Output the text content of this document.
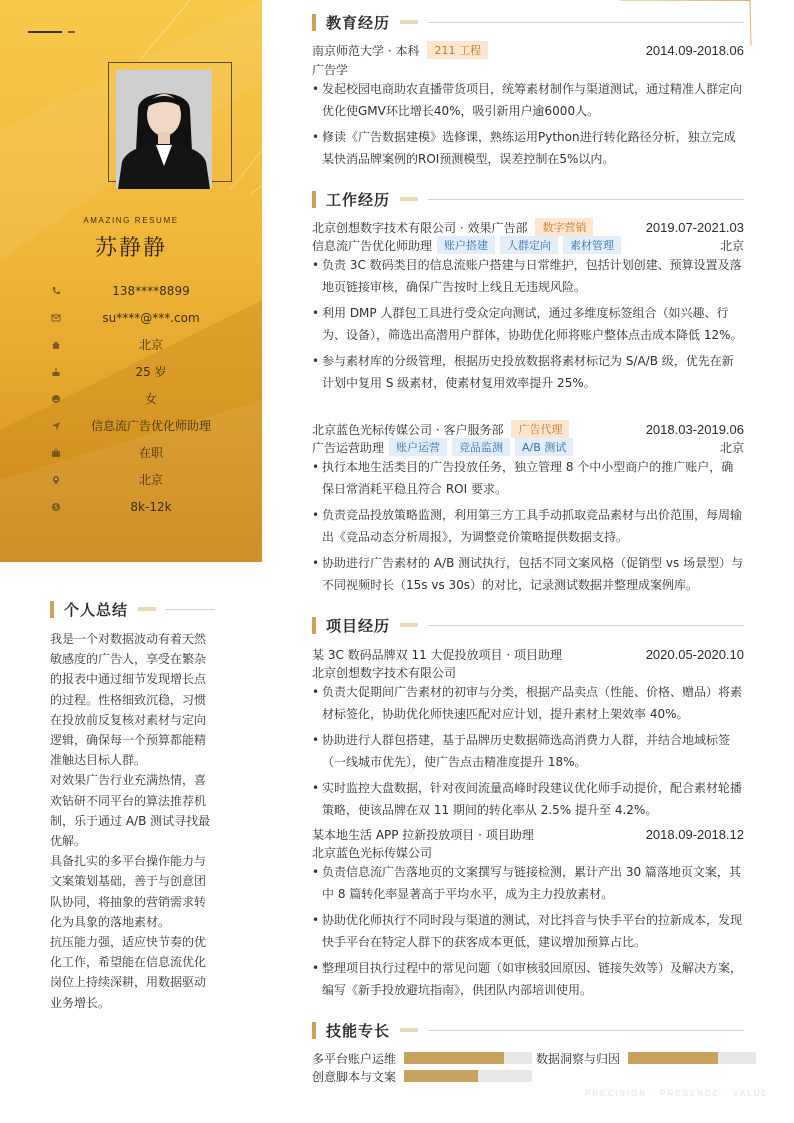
AMAZING RESUME
苏静静
138****8899
su****@***.com
北京
25 岁
女
信息流广告优化师助理
在职
北京
$	8k-12k
个人总结

我是一个对数据波动有着天然敏感度的广告人，享受在繁杂的报表中通过细节发现增长点的过程。性格细致沉稳，习惯在投放前反复核对素材与定向逻辑，确保每一个预算都能精准触达目标人群。

对效果广告行业充满热情，喜欢钻研不同平台的算法推荐机制，乐于通过 A/B 测试寻找最优解。

具备扎实的多平台操作能力与文案策划基础，善于与创意团队协同，将抽象的营销需求转化为具象的落地素材。

抗压能力强，适应快节奏的优化工作，希望能在信息流优化岗位上持续深耕，用数据驱动业务增长。

教育经历
南京师范大学 · 本科	211 工程	2014.09-2018.06
广告学
• 发起校园电商助农直播带货项目，统筹素材制作与渠道测试，通过精准人群定向优化使GMV环比增长40%，吸引新用户逾6000人。
• 修读《广告数据建模》选修课，熟练运用Python进行转化路径分析，独立完成某快消品牌案例的ROI预测模型，误差控制在5%以内。
工作经历
北京创想数字技术有限公司 · 效果广告部	数字营销	2019.07-2021.03
信息流广告优化师助理	账户搭建	人群定向	素材管理	北京
• 负责 3C 数码类目的信息流账户搭建与日常维护，包括计划创建、预算设置及落地页链接审核，确保广告按时上线且无违规风险。
• 利用 DMP 人群包工具进行受众定向测试，通过多维度标签组合（如兴趣、行为、设备），筛选出高潜用户群体，协助优化师将账户整体点击成本降低 12%。
• 参与素材库的分级管理，根据历史投放数据将素材标记为 S/A/B 级，优先在新计划中复用 S 级素材，使素材复用效率提升 25%。
北京蓝色光标传媒公司 · 客户服务部	广告代理	2018.03-2019.06
广告运营助理	账户运营	竞品监测	A/B 测试	北京
• 执行本地生活类目的广告投放任务，独立管理 8 个中小型商户的推广账户，确保日常消耗平稳且符合 ROI 要求。
• 负责竞品投放策略监测，利用第三方工具手动抓取竞品素材与出价范围，每周输出《竞品动态分析周报》，为调整竞价策略提供数据支持。
• 协助进行广告素材的 A/B 测试执行，包括不同文案风格（促销型 vs 场景型）与不同视频时长（15s vs 30s）的对比，记录测试数据并整理成案例库。
项目经历
某 3C 数码品牌双 11 大促投放项目 · 项目助理	2020.05-2020.10
北京创想数字技术有限公司
• 负责大促期间广告素材的初审与分类，根据产品卖点（性能、价格、赠品）将素材标签化，协助优化师快速匹配对应计划，提升素材上架效率 40%。
• 协助进行人群包搭建，基于品牌历史数据筛选高消费力人群，并结合地域标签（一线城市优先），使广告点击精准度提升 18%。
• 实时监控大盘数据，针对夜间流量高峰时段建议优化师手动提价，配合素材轮播策略，使该品牌在双 11 期间的转化率从 2.5% 提升至 4.2%。
某本地生活 APP 拉新投放项目 · 项目助理	2018.09-2018.12
北京蓝色光标传媒公司
• 负责信息流广告落地页的文案撰写与链接检测，累计产出 30 篇落地页文案，其中 8 篇转化率显著高于平均水平，成为主力投放素材。
• 协助优化师执行不同时段与渠道的测试，对比抖音与快手平台的拉新成本，发现快手平台在特定人群下的获客成本更低，建议增加预算占比。
• 整理项目执行过程中的常见问题（如审核驳回原因、链接失效等）及解决方案，编写《新手投放避坑指南》，供团队内部培训使用。
技能专长
多平台账户运维	数据洞察与归因
创意脚本与文案
PRECISION · PRESENCE · VALUE
